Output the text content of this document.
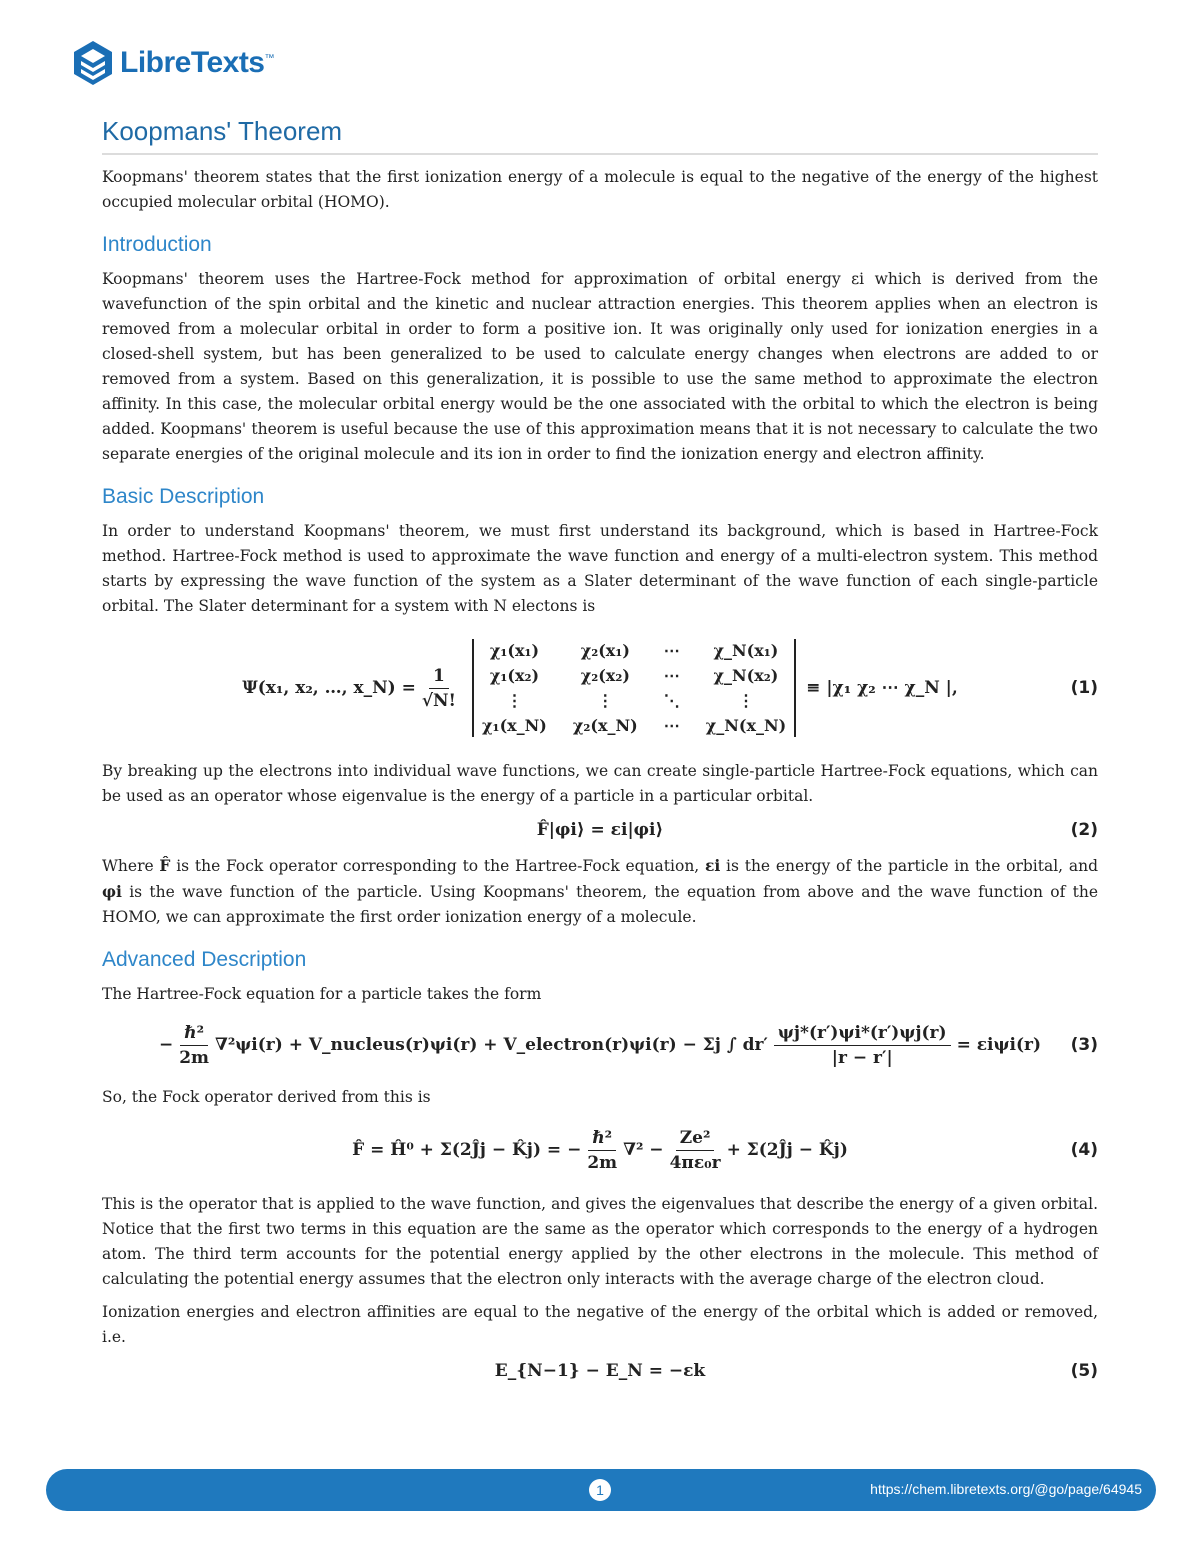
LibreTexts™
Koopmans' Theorem

Koopmans' theorem states that the first ionization energy of a molecule is equal to the negative of the energy of the highest occupied molecular orbital (HOMO).

Introduction

Koopmans' theorem uses the Hartree-Fock method for approximation of orbital energy εi which is derived from the wavefunction of the spin orbital and the kinetic and nuclear attraction energies. This theorem applies when an electron is removed from a molecular orbital in order to form a positive ion. It was originally only used for ionization energies in a closed-shell system, but has been generalized to be used to calculate energy changes when electrons are added to or removed from a system. Based on this generalization, it is possible to use the same method to approximate the electron affinity. In this case, the molecular orbital energy would be the one associated with the orbital to which the electron is being added. Koopmans' theorem is useful because the use of this approximation means that it is not necessary to calculate the two separate energies of the original molecule and its ion in order to find the ionization energy and electron affinity.

Basic Description

In order to understand Koopmans' theorem, we must first understand its background, which is based in Hartree-Fock method. Hartree-Fock method is used to approximate the wave function and energy of a multi-electron system. This method starts by expressing the wave function of the system as a Slater determinant of the wave function of each single-particle orbital. The Slater determinant for a system with N electons is

Ψ(x₁, x₂, …, x_N) = $\frac{1}{√N!}$
χ₁(x₁)	χ₂(x₁)	⋯	χ_N(x₁)
χ₁(x₂)	χ₂(x₂)	⋯	χ_N(x₂)
⋮	⋮	⋱	⋮
χ₁(x_N) χ₂(x_N) ⋯ χ_N(x_N)
≡ |χ₁ χ₂ ⋯ χ_N |,	(1)

By breaking up the electrons into individual wave functions, we can create single-particle Hartree-Fock equations, which can be used as an operator whose eigenvalue is the energy of a particle in a particular orbital.

F̂|φi⟩ = εi|φi⟩	(2)

Where F̂ is the Fock operator corresponding to the Hartree-Fock equation, εi is the energy of the particle in the orbital, and φi is the wave function of the particle. Using Koopmans' theorem, the equation from above and the wave function of the HOMO, we can approximate the first order ionization energy of a molecule.

Advanced Description

The Hartree-Fock equation for a particle takes the form

− $\frac{\text{ℏ²}}{2m} \nabla^2\psi i(r)$ + V_nucleus(r)ψi(r) + V_electron(r)ψi(r) − Σj ∫ $dr' \frac{\psi j*(r')\psi i*(r')\psi j(r)}{|r - r'|} = \varepsilon i\psi i(r)$ (3)

So, the Fock operator derived from this is

F̂ = Ĥ⁰ + Σ(2Ĵj − K̂j) = − $\frac{\text{ℏ²}}{2m} \nabla^2 - \frac{\text{Ze²}}{\text{4πε₀r}}$ + Σ(2Ĵj − K̂j)	(4)

This is the operator that is applied to the wave function, and gives the eigenvalues that describe the energy of a given orbital. Notice that the first two terms in this equation are the same as the operator which corresponds to the energy of a hydrogen atom. The third term accounts for the potential energy applied by the other electrons in the molecule. This method of calculating the potential energy assumes that the electron only interacts with the average charge of the electron cloud.

Ionization energies and electron affinities are equal to the negative of the energy of the orbital which is added or removed, i.e.

E_{N−1} − E_N = −εk	(5)
1	https://chem.libretexts.org/@go/page/64945
